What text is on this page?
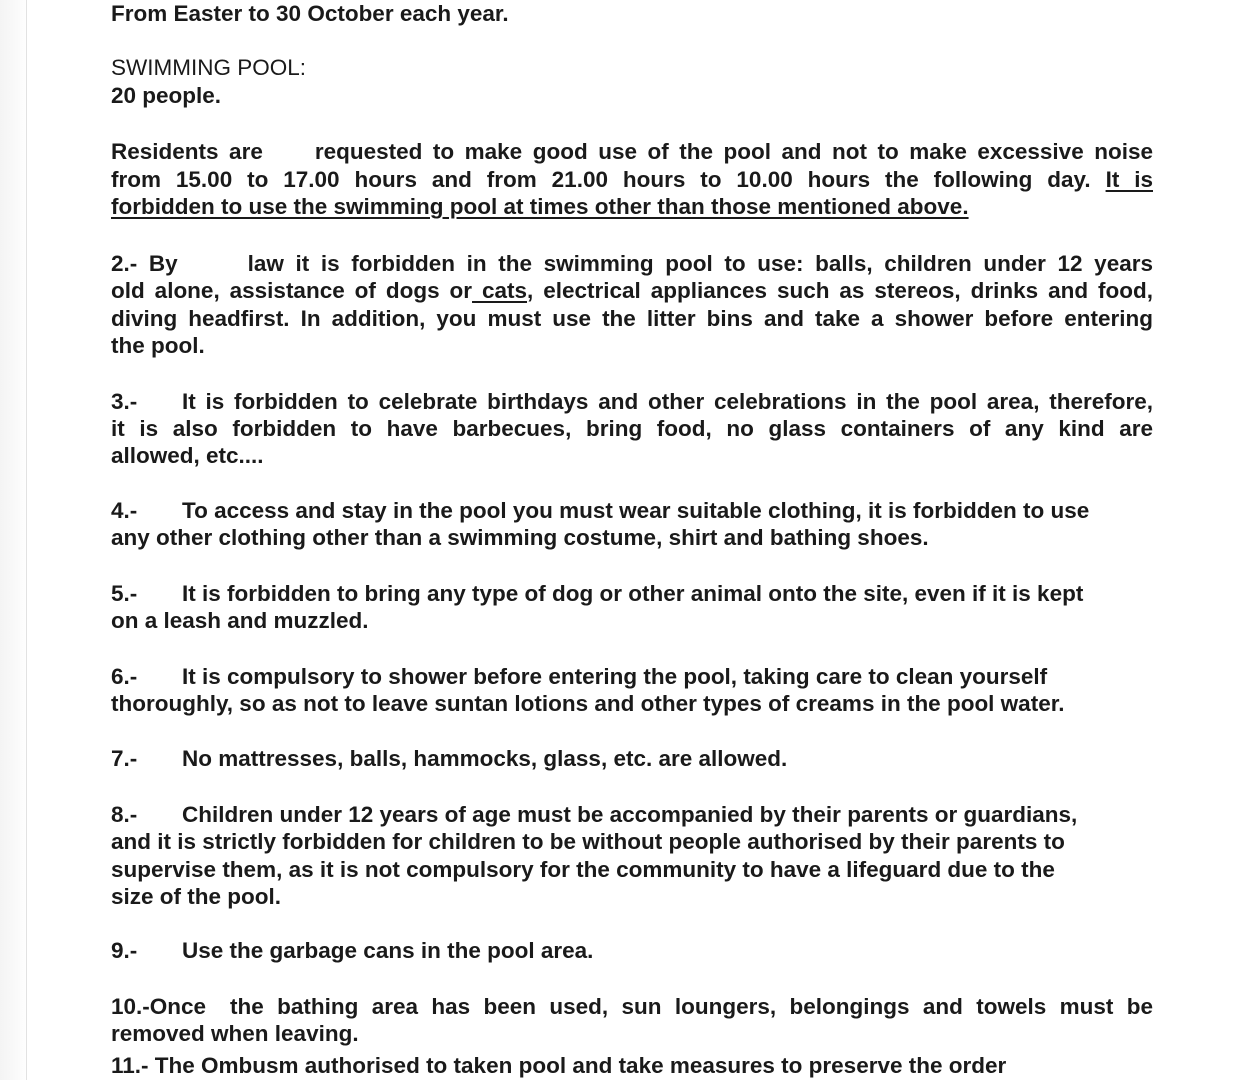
From Easter to 30 October each year.
SWIMMING POOL:
20 people.
Residents are requested to make good use of the pool and not to make excessive noise
from 15.00 to 17.00 hours and from 21.00 hours to 10.00 hours the following day. It is
forbidden to use the swimming pool at times other than those mentioned above.
2.- By	law it is forbidden in the swimming pool to use: balls, children under 12 years
old alone, assistance of dogs or cats, electrical appliances such as stereos, drinks and food,
diving headfirst. In addition, you must use the litter bins and take a shower before entering
the pool.
3.- It is forbidden to celebrate birthdays and other celebrations in the pool area, therefore,
it is also forbidden to have barbecues, bring food, no glass containers of any kind are
allowed, etc....
4.- To access and stay in the pool you must wear suitable clothing, it is forbidden to use
any other clothing other than a swimming costume, shirt and bathing shoes.
5.- It is forbidden to bring any type of dog or other animal onto the site, even if it is kept
on a leash and muzzled.
6.- It is compulsory to shower before entering the pool, taking care to clean yourself
thoroughly, so as not to leave suntan lotions and other types of creams in the pool water.
7.- No mattresses, balls, hammocks, glass, etc. are allowed.
8.- Children under 12 years of age must be accompanied by their parents or guardians,
and it is strictly forbidden for children to be without people authorised by their parents to
supervise them, as it is not compulsory for the community to have a lifeguard due to the
size of the pool.
9.- Use the garbage cans in the pool area.
10.-Once the bathing area has been used, sun loungers, belongings and towels must be
removed when leaving.
11.- The Ombusm authorised to taken pool and take measures to preserve the order
